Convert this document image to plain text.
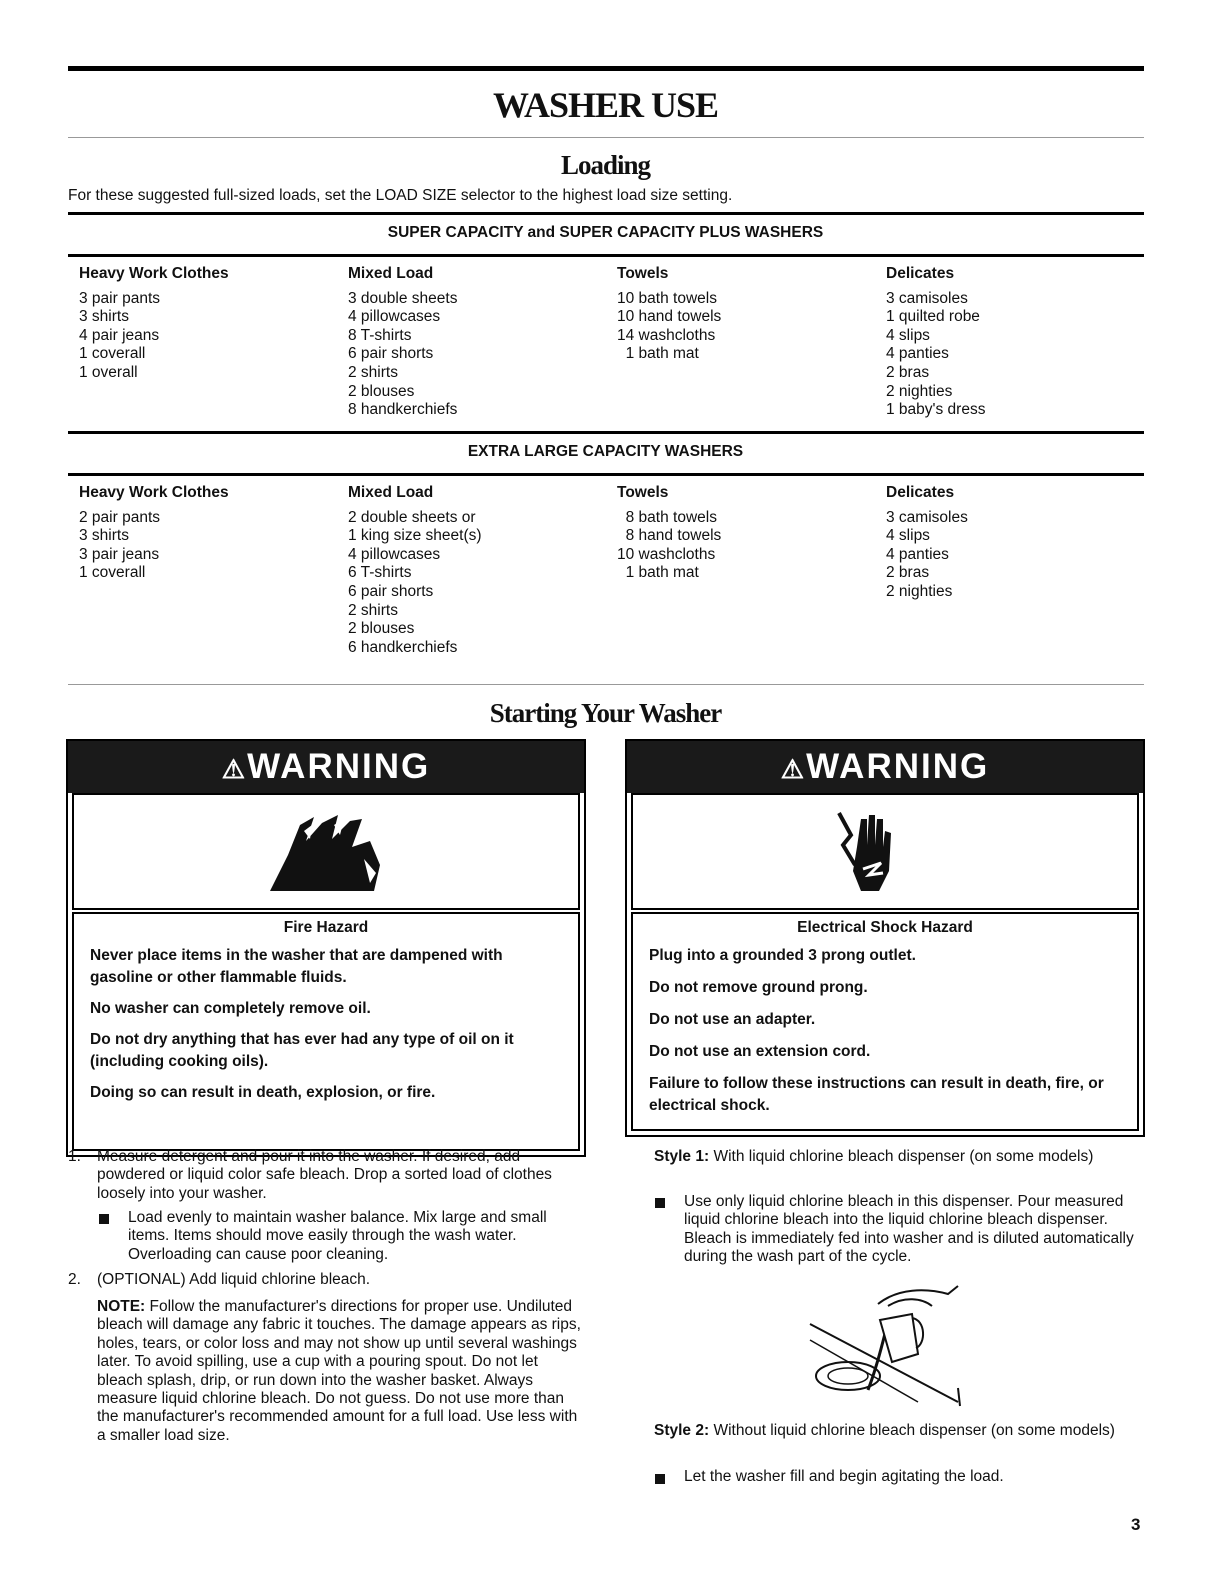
WASHER USE
Loading
For these suggested full-sized loads, set the LOAD SIZE selector to the highest load size setting.
SUPER CAPACITY and SUPER CAPACITY PLUS WASHERS
Heavy Work Clothes
3 pair pants
3 shirts
4 pair jeans
1 coverall
1 overall
Mixed Load
3 double sheets
4 pillowcases
8 T-shirts
6 pair shorts
2 shirts
2 blouses
8 handkerchiefs
Towels
10 bath towels
10 hand towels
14 washcloths
1 bath mat
Delicates
3 camisoles
1 quilted robe
4 slips
4 panties
2 bras
2 nighties
1 baby's dress
EXTRA LARGE CAPACITY WASHERS
Heavy Work Clothes
2 pair pants
3 shirts
3 pair jeans
1 coverall
Mixed Load
2 double sheets or
1 king size sheet(s)
4 pillowcases
6 T-shirts
6 pair shorts
2 shirts
2 blouses
6 handkerchiefs
Towels
8 bath towels
8 hand towels
10 washcloths
1 bath mat
Delicates
3 camisoles
4 slips
4 panties
2 bras
2 nighties
Starting Your Washer
⚠WARNING
Fire Hazard
Never place items in the washer that are dampened with gasoline or other flammable fluids.
No washer can completely remove oil.
Do not dry anything that has ever had any type of oil on it (including cooking oils).
Doing so can result in death, explosion, or fire.
⚠WARNING
Electrical Shock Hazard
Plug into a grounded 3 prong outlet.
Do not remove ground prong.
Do not use an adapter.
Do not use an extension cord.
Failure to follow these instructions can result in death, fire, or electrical shock.
1. Measure detergent and pour it into the washer. If desired, add powdered or liquid color safe bleach. Drop a sorted load of clothes loosely into your washer.
Load evenly to maintain washer balance. Mix large and small items. Items should move easily through the wash water. Overloading can cause poor cleaning.
2. (OPTIONAL) Add liquid chlorine bleach.
NOTE: Follow the manufacturer's directions for proper use. Undiluted bleach will damage any fabric it touches. The damage appears as rips, holes, tears, or color loss and may not show up until several washings later. To avoid spilling, use a cup with a pouring spout. Do not let bleach splash, drip, or run down into the washer basket. Always measure liquid chlorine bleach. Do not guess. Do not use more than the manufacturer's recommended amount for a full load. Use less with a smaller load size.
Style 1: With liquid chlorine bleach dispenser (on some models)
Use only liquid chlorine bleach in this dispenser. Pour measured liquid chlorine bleach into the liquid chlorine bleach dispenser. Bleach is immediately fed into washer and is diluted automatically during the wash part of the cycle.
Style 2: Without liquid chlorine bleach dispenser (on some models)
Let the washer fill and begin agitating the load.
3
